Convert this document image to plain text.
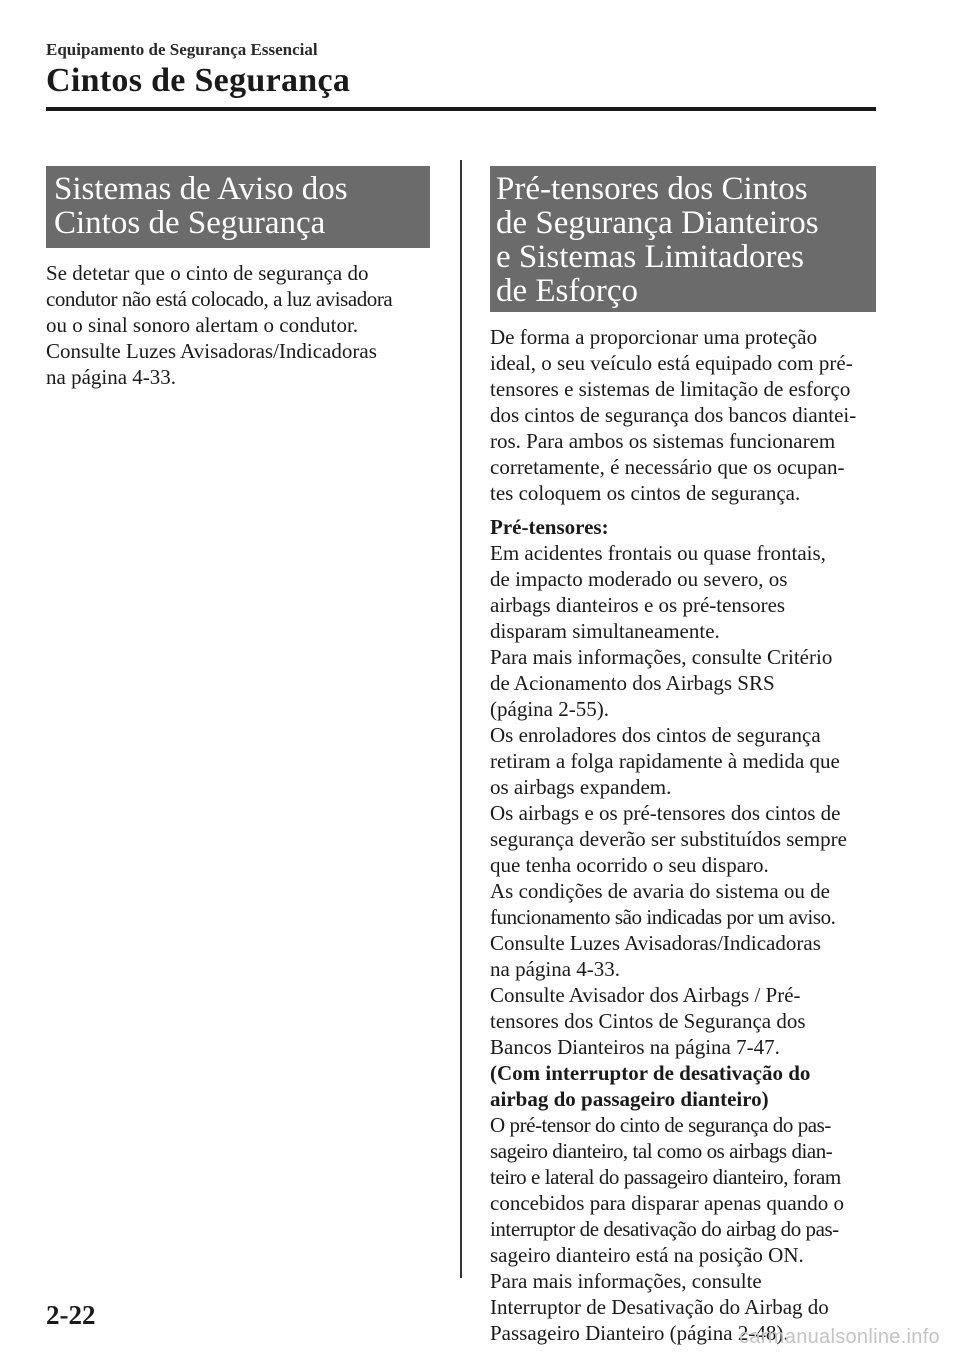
Equipamento de Segurança Essencial
Cintos de Segurança
Sistemas de Aviso dos
Cintos de Segurança

Se detetar que o cinto de segurança do
condutor não está colocado, a luz avisadora
ou o sinal sonoro alertam o condutor.
Consulte Luzes Avisadoras/Indicadoras
na página 4-33.

Pré-tensores dos Cintos
de Segurança Dianteiros
e Sistemas Limitadores
de Esforço

De forma a proporcionar uma proteção
ideal, o seu veículo está equipado com pré-
tensores e sistemas de limitação de esforço
dos cintos de segurança dos bancos diantei-
ros. Para ambos os sistemas funcionarem
corretamente, é necessário que os ocupan-
tes coloquem os cintos de segurança.

Pré-tensores:
Em acidentes frontais ou quase frontais,
de impacto moderado ou severo, os
airbags dianteiros e os pré-tensores
disparam simultaneamente.
Para mais informações, consulte Critério
de Acionamento dos Airbags SRS
(página 2-55).
Os enroladores dos cintos de segurança
retiram a folga rapidamente à medida que
os airbags expandem.
Os airbags e os pré-tensores dos cintos de
segurança deverão ser substituídos sempre
que tenha ocorrido o seu disparo.
As condições de avaria do sistema ou de
funcionamento são indicadas por um aviso.
Consulte Luzes Avisadoras/Indicadoras
na página 4-33.
Consulte Avisador dos Airbags / Pré-
tensores dos Cintos de Segurança dos
Bancos Dianteiros na página 7-47.
(Com interruptor de desativação do
airbag do passageiro dianteiro)
O pré-tensor do cinto de segurança do pas-
sageiro dianteiro, tal como os airbags dian-
teiro e lateral do passageiro dianteiro, foram
concebidos para disparar apenas quando o
interruptor de desativação do airbag do pas-
sageiro dianteiro está na posição ON.
Para mais informações, consulte
Interruptor de Desativação do Airbag do
Passageiro Dianteiro (página 2-48).

2-22
carmanualsonline.info
